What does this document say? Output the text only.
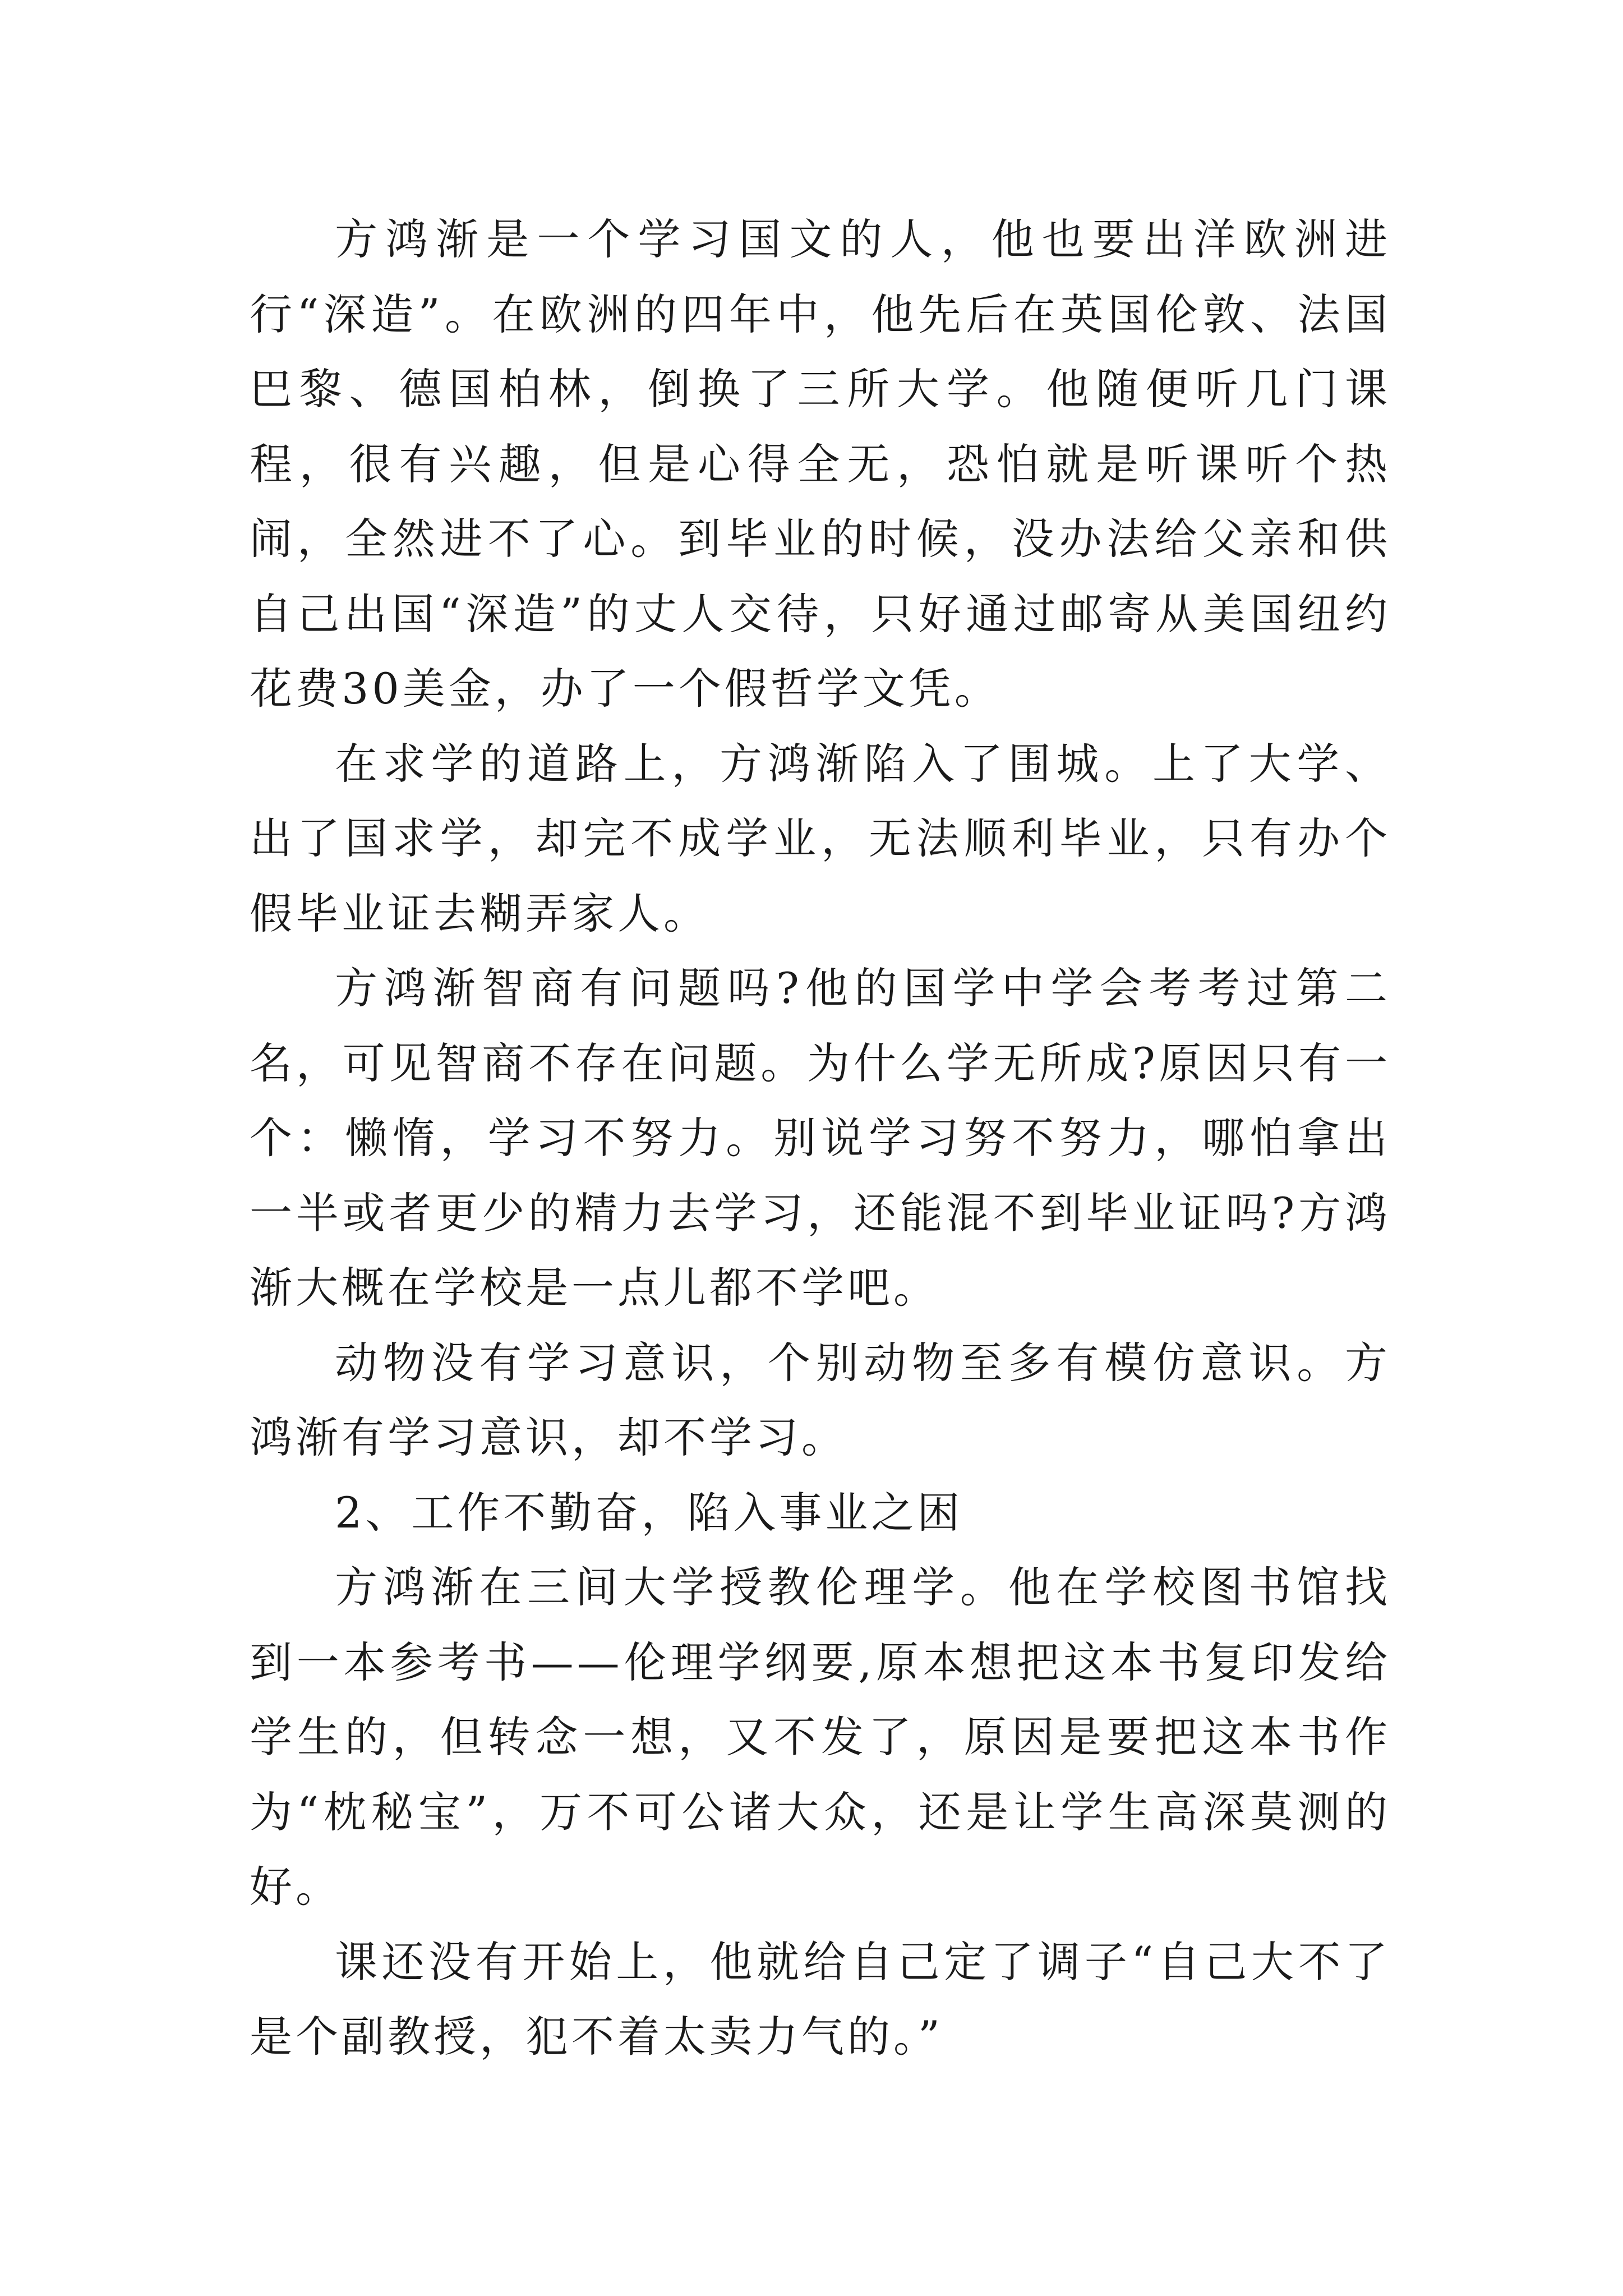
方鸿渐是一个学习国文的人，他也要出洋欧洲进行“深造”。在欧洲的四年中，他先后在英国伦敦、法国巴黎、德国柏林，倒换了三所大学。他随便听几门课程，很有兴趣，但是心得全无，恐怕就是听课听个热闹，全然进不了心。到毕业的时候，没办法给父亲和供自己出国“深造”的丈人交待，只好通过邮寄从美国纽约花费30美金，办了一个假哲学文凭。

在求学的道路上，方鸿渐陷入了围城。上了大学、出了国求学，却完不成学业，无法顺利毕业，只有办个假毕业证去糊弄家人。

方鸿渐智商有问题吗?他的国学中学会考考过第二名，可见智商不存在问题。为什么学无所成?原因只有一个：懒惰，学习不努力。别说学习努不努力，哪怕拿出一半或者更少的精力去学习，还能混不到毕业证吗?方鸿渐大概在学校是一点儿都不学吧。

动物没有学习意识，个别动物至多有模仿意识。方鸿渐有学习意识，却不学习。

2、工作不勤奋，陷入事业之困

方鸿渐在三间大学授教伦理学。他在学校图书馆找到一本参考书——伦理学纲要,原本想把这本书复印发给学生的，但转念一想，又不发了，原因是要把这本书作为“枕秘宝”，万不可公诸大众，还是让学生高深莫测的好。

课还没有开始上，他就给自己定了调子“自己大不了是个副教授，犯不着太卖力气的。”
